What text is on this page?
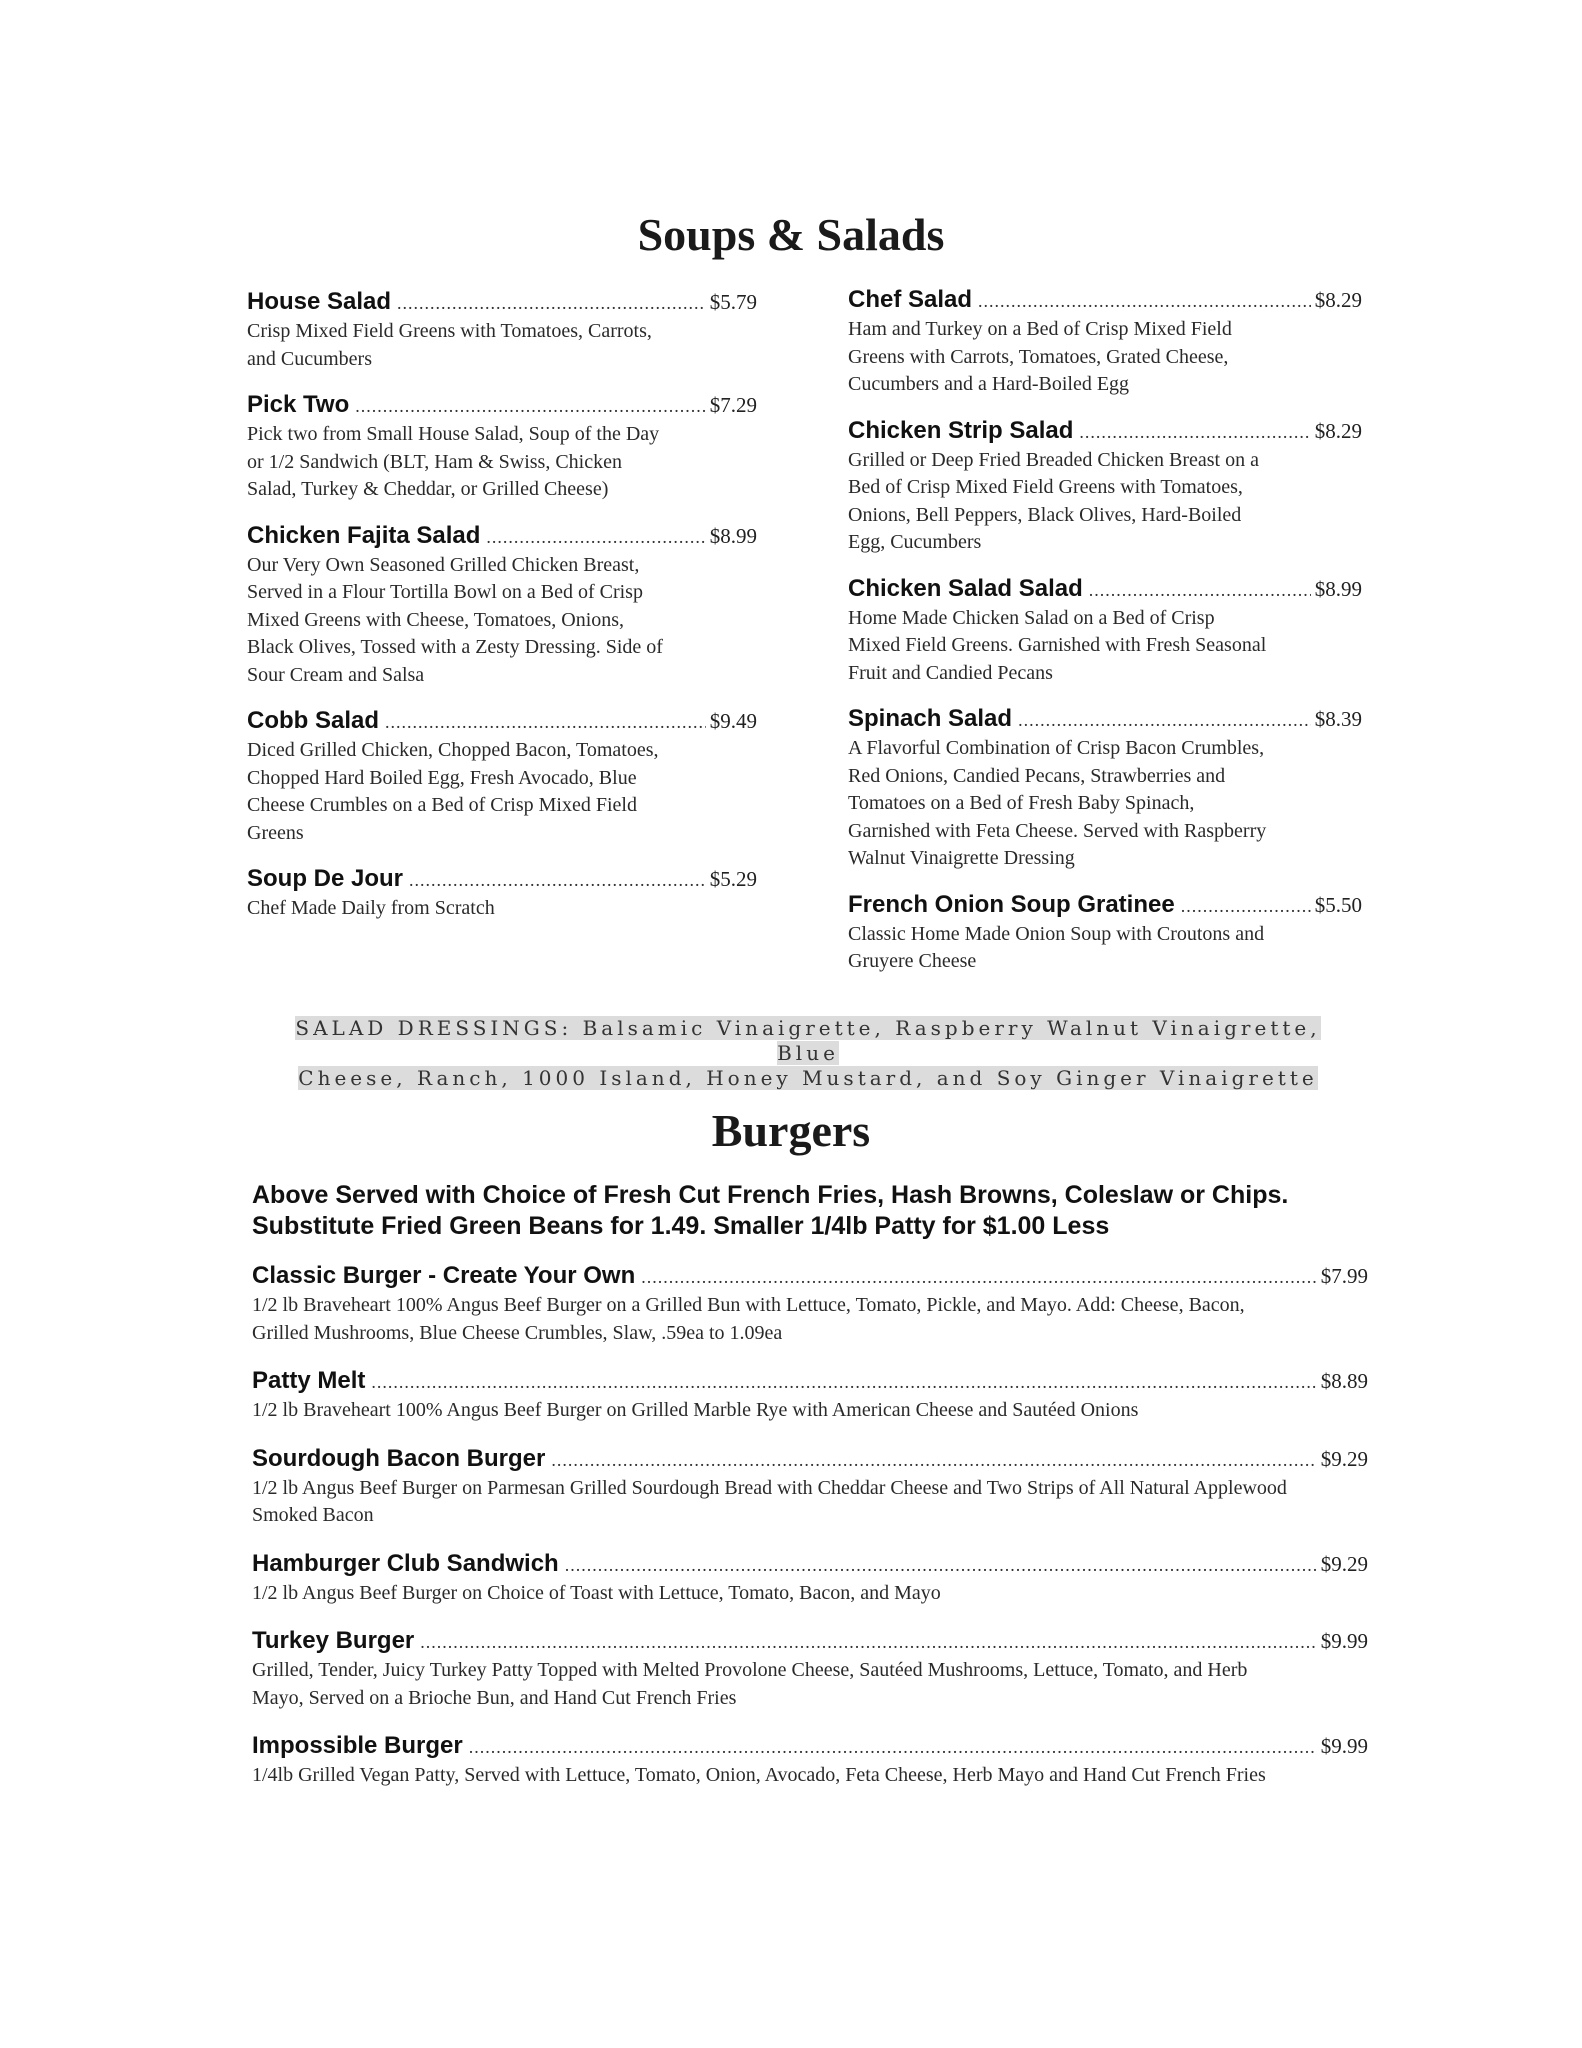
Soups & Salads
House Salad .....	$5.79
Crisp Mixed Field Greens with Tomatoes, Carrots, and Cucumbers
Pick Two .....	$7.29
Pick two from Small House Salad, Soup of the Day or 1/2 Sandwich (BLT, Ham & Swiss, Chicken Salad, Turkey & Cheddar, or Grilled Cheese)
Chicken Fajita Salad .....	$8.99
Our Very Own Seasoned Grilled Chicken Breast, Served in a Flour Tortilla Bowl on a Bed of Crisp Mixed Greens with Cheese, Tomatoes, Onions, Black Olives, Tossed with a Zesty Dressing. Side of Sour Cream and Salsa
Cobb Salad .....	$9.49
Diced Grilled Chicken, Chopped Bacon, Tomatoes, Chopped Hard Boiled Egg, Fresh Avocado, Blue Cheese Crumbles on a Bed of Crisp Mixed Field Greens
Soup De Jour .....	$5.29
Chef Made Daily from Scratch
Chef Salad .....	$8.29
Ham and Turkey on a Bed of Crisp Mixed Field Greens with Carrots, Tomatoes, Grated Cheese, Cucumbers and a Hard-Boiled Egg
Chicken Strip Salad .....	$8.29
Grilled or Deep Fried Breaded Chicken Breast on a Bed of Crisp Mixed Field Greens with Tomatoes, Onions, Bell Peppers, Black Olives, Hard-Boiled Egg, Cucumbers
Chicken Salad Salad .....	$8.99
Home Made Chicken Salad on a Bed of Crisp Mixed Field Greens. Garnished with Fresh Seasonal Fruit and Candied Pecans
Spinach Salad .....	$8.39
A Flavorful Combination of Crisp Bacon Crumbles, Red Onions, Candied Pecans, Strawberries and Tomatoes on a Bed of Fresh Baby Spinach, Garnished with Feta Cheese. Served with Raspberry Walnut Vinaigrette Dressing
French Onion Soup Gratinee .....	$5.50
Classic Home Made Onion Soup with Croutons and Gruyere Cheese
SALAD DRESSINGS: Balsamic Vinaigrette, Raspberry Walnut Vinaigrette, Blue
Cheese, Ranch, 1000 Island, Honey Mustard, and Soy Ginger Vinaigrette
Burgers
Above Served with Choice of Fresh Cut French Fries, Hash Browns, Coleslaw or Chips.
Substitute Fried Green Beans for 1.49. Smaller 1/4lb Patty for $1.00 Less
Classic Burger - Create Your Own .....	$7.99
1/2 lb Braveheart 100% Angus Beef Burger on a Grilled Bun with Lettuce, Tomato, Pickle, and Mayo. Add: Cheese, Bacon, Grilled Mushrooms, Blue Cheese Crumbles, Slaw, .59ea to 1.09ea
Patty Melt .....	$8.89
1/2 lb Braveheart 100% Angus Beef Burger on Grilled Marble Rye with American Cheese and Sautéed Onions
Sourdough Bacon Burger .....	$9.29
1/2 lb Angus Beef Burger on Parmesan Grilled Sourdough Bread with Cheddar Cheese and Two Strips of All Natural Applewood Smoked Bacon
Hamburger Club Sandwich .....	$9.29
1/2 lb Angus Beef Burger on Choice of Toast with Lettuce, Tomato, Bacon, and Mayo
Turkey Burger .....	$9.99
Grilled, Tender, Juicy Turkey Patty Topped with Melted Provolone Cheese, Sautéed Mushrooms, Lettuce, Tomato, and Herb Mayo, Served on a Brioche Bun, and Hand Cut French Fries
Impossible Burger .....	$9.99
1/4lb Grilled Vegan Patty, Served with Lettuce, Tomato, Onion, Avocado, Feta Cheese, Herb Mayo and Hand Cut French Fries
